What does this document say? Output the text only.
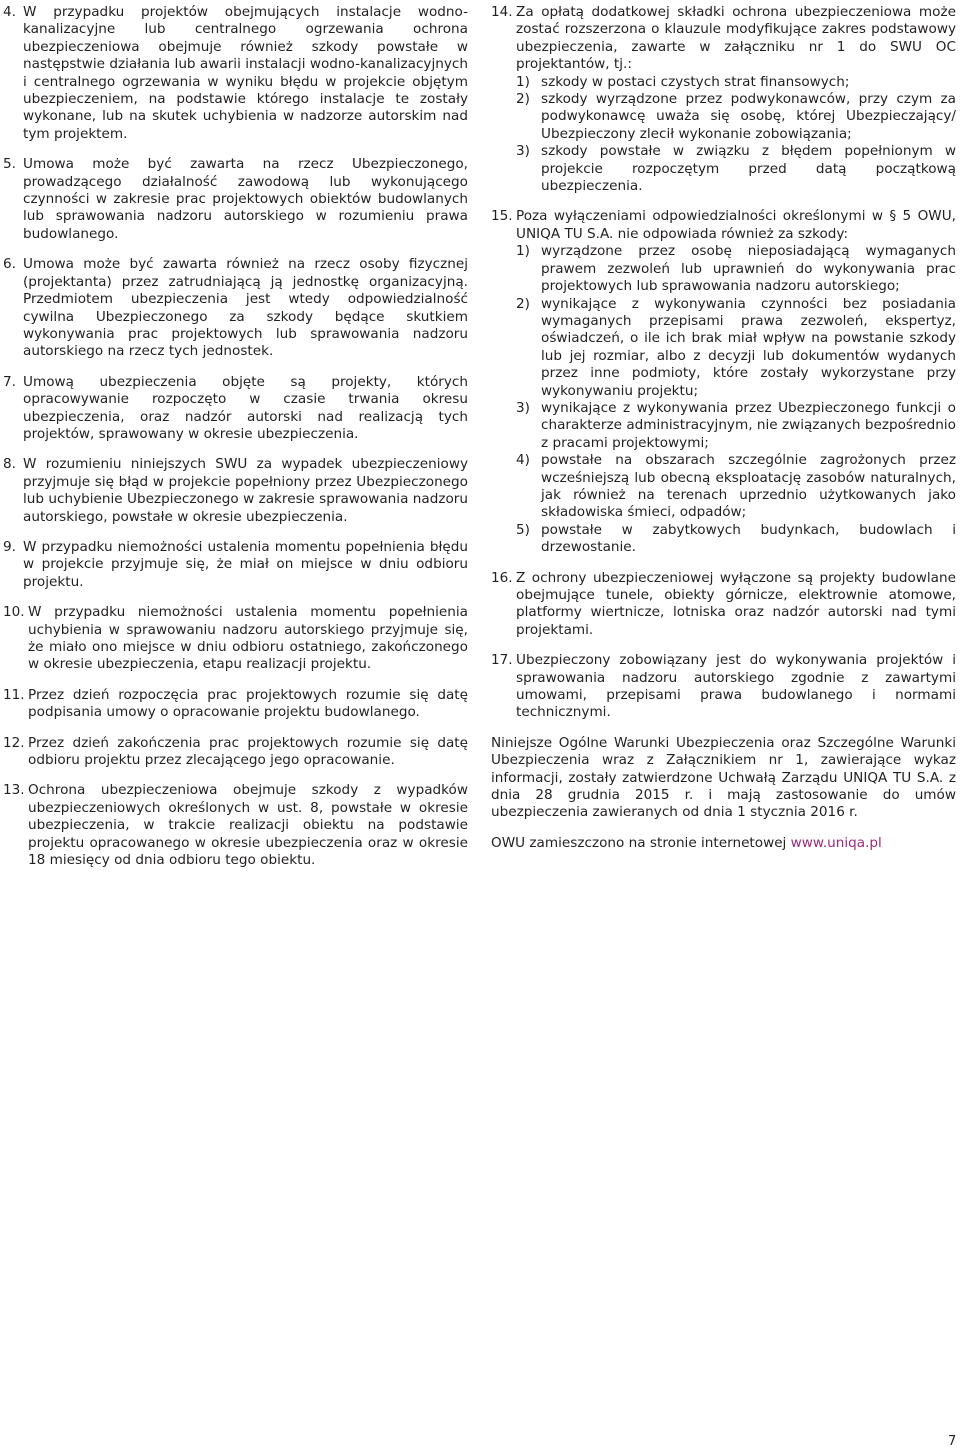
4. W przypadku projektów obejmujących instalacje wodno-kanalizacyjne lub centralnego ogrzewania ochrona ubezpieczeniowa obejmuje również szkody powstałe w następstwie działania lub awarii instalacji wodno-kanalizacyjnych i centralnego ogrzewania w wyniku błędu w projekcie objętym ubezpieczeniem, na podstawie którego instalacje te zostały wykonane, lub na skutek uchybienia w nadzorze autorskim nad tym projektem.
5. Umowa może być zawarta na rzecz Ubezpieczonego, prowadzącego działalność zawodową lub wykonującego czynności w zakresie prac projektowych obiektów budowlanych lub sprawowania nadzoru autorskiego w rozumieniu prawa budowlanego.
6. Umowa może być zawarta również na rzecz osoby fizycznej (projektanta) przez zatrudniającą ją jednostkę organizacyjną. Przedmiotem ubezpieczenia jest wtedy odpowiedzialność cywilna Ubezpieczonego za szkody będące skutkiem wykonywania prac projektowych lub sprawowania nadzoru autorskiego na rzecz tych jednostek.
7. Umową ubezpieczenia objęte są projekty, których opracowywanie rozpoczęto w czasie trwania okresu ubezpieczenia, oraz nadzór autorski nad realizacją tych projektów, sprawowany w okresie ubezpieczenia.
8. W rozumieniu niniejszych SWU za wypadek ubezpieczeniowy przyjmuje się błąd w projekcie popełniony przez Ubezpieczonego lub uchybienie Ubezpieczonego w zakresie sprawowania nadzoru autorskiego, powstałe w okresie ubezpieczenia.
9. W przypadku niemożności ustalenia momentu popełnienia błędu w projekcie przyjmuje się, że miał on miejsce w dniu odbioru projektu.
10. W przypadku niemożności ustalenia momentu popełnienia uchybienia w sprawowaniu nadzoru autorskiego przyjmuje się, że miało ono miejsce w dniu odbioru ostatniego, zakończonego w okresie ubezpieczenia, etapu realizacji projektu.
11. Przez dzień rozpoczęcia prac projektowych rozumie się datę podpisania umowy o opracowanie projektu budowlanego.
12. Przez dzień zakończenia prac projektowych rozumie się datę odbioru projektu przez zlecającego jego opracowanie.
13. Ochrona ubezpieczeniowa obejmuje szkody z wypadków ubezpieczeniowych określonych w ust. 8, powstałe w okresie ubezpieczenia, w trakcie realizacji obiektu na podstawie projektu opracowanego w okresie ubezpieczenia oraz w okresie 18 miesięcy od dnia odbioru tego obiektu.
14. Za opłatą dodatkowej składki ochrona ubezpieczeniowa może zostać rozszerzona o klauzule modyfikujące zakres podstawowy ubezpieczenia, zawarte w załączniku nr 1 do SWU OC projektantów, tj.:
1) szkody w postaci czystych strat finansowych;
2) szkody wyrządzone przez podwykonawców, przy czym za podwykonawcę uważa się osobę, której Ubezpieczający/ Ubezpieczony zlecił wykonanie zobowiązania;
3) szkody powstałe w związku z błędem popełnionym w projekcie rozpoczętym przed datą początkową ubezpieczenia.
15. Poza wyłączeniami odpowiedzialności określonymi w § 5 OWU, UNIQA TU S.A. nie odpowiada również za szkody:
1) wyrządzone przez osobę nieposiadającą wymaganych prawem zezwoleń lub uprawnień do wykonywania prac projektowych lub sprawowania nadzoru autorskiego;
2) wynikające z wykonywania czynności bez posiadania wymaganych przepisami prawa zezwoleń, ekspertyz, oświadczeń, o ile ich brak miał wpływ na powstanie szkody lub jej rozmiar, albo z decyzji lub dokumentów wydanych przez inne podmioty, które zostały wykorzystane przy wykonywaniu projektu;
3) wynikające z wykonywania przez Ubezpieczonego funkcji o charakterze administracyjnym, nie związanych bezpośrednio z pracami projektowymi;
4) powstałe na obszarach szczególnie zagrożonych przez wcześniejszą lub obecną eksploatację zasobów naturalnych, jak również na terenach uprzednio użytkowanych jako składowiska śmieci, odpadów;
5) powstałe w zabytkowych budynkach, budowlach i drzewostanie.
16. Z ochrony ubezpieczeniowej wyłączone są projekty budowlane obejmujące tunele, obiekty górnicze, elektrownie atomowe, platformy wiertnicze, lotniska oraz nadzór autorski nad tymi projektami.
17. Ubezpieczony zobowiązany jest do wykonywania projektów i sprawowania nadzoru autorskiego zgodnie z zawartymi umowami, przepisami prawa budowlanego i normami technicznymi.

Niniejsze Ogólne Warunki Ubezpieczenia oraz Szczególne Warunki Ubezpieczenia wraz z Załącznikiem nr 1, zawierające wykaz informacji, zostały zatwierdzone Uchwałą Zarządu UNIQA TU S.A. z dnia 28 grudnia 2015 r. i mają zastosowanie do umów ubezpieczenia zawieranych od dnia 1 stycznia 2016 r.

OWU zamieszczono na stronie internetowej www.uniqa.pl

7
